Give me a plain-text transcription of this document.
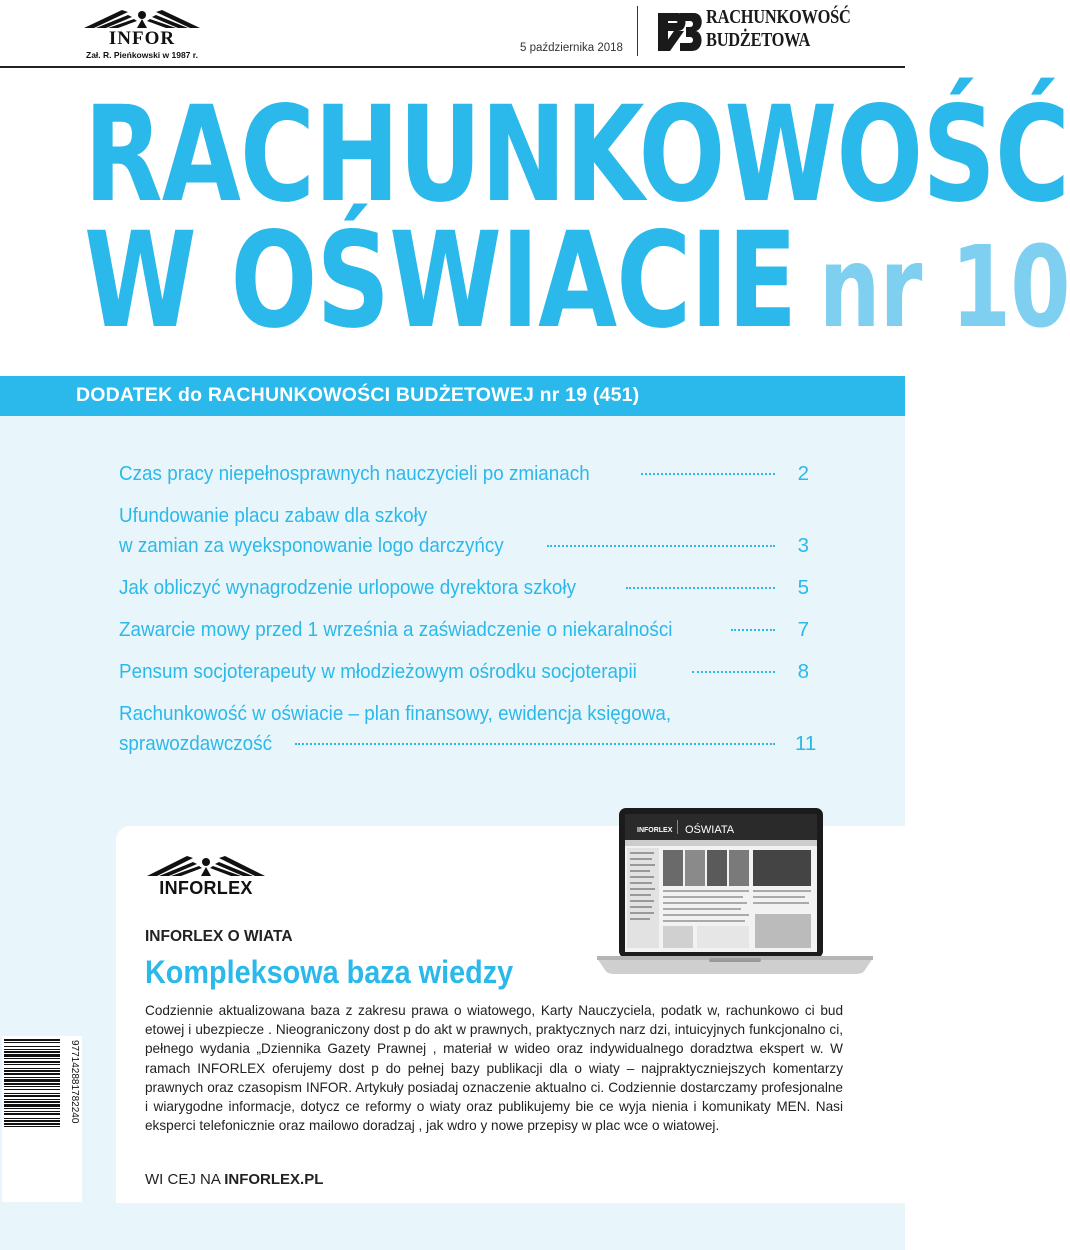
INFOR
Zał. R. Pieńkowski w 1987 r.
5 października 2018
RACHUNKOWOŚĆ
BUDŻETOWA
RACHUNKOWOŚĆ
W OŚWIACIE nr 10
DODATEK do RACHUNKOWOŚCI BUDŻETOWEJ nr 19 (451)
Czas pracy niepełnosprawnych nauczycieli po zmianach	2
Ufundowanie placu zabaw dla szkoły
w zamian za wyeksponowanie logo darczyńcy	3
Jak obliczyć wynagrodzenie urlopowe dyrektora szkoły	5
Zawarcie mowy przed 1 września a zaświadczenie o niekaralności	7
Pensum socjoterapeuty w młodzieżowym ośrodku socjoterapii	8
Rachunkowość w oświacie – plan finansowy, ewidencja księgowa,
sprawozdawczość	11
INFORLEX
INFORLEX O WIATA
Kompleksowa baza wiedzy
Codziennie aktualizowana baza z zakresu prawa o wiatowego, Karty Nauczyciela, podatk w, rachunkowo ci bud etowej i ubezpiecze . Nieograniczony dost p do akt w prawnych, praktycznych narz dzi, intuicyjnych funkcjonalno ci, pełnego wydania „Dziennika Gazety Prawnej , materiał w wideo oraz indywidualnego doradztwa ekspert w. W ramach INFORLEX oferujemy dost p do pełnej bazy publikacji dla o wiaty – najpraktyczniejszych komentarzy prawnych oraz czasopism INFOR. Artykuły posiadaj oznaczenie aktualno ci. Codziennie dostarczamy profesjonalne i wiarygodne informacje, dotycz ce reformy o wiaty oraz publikujemy bie ce wyja nienia i komunikaty MEN. Nasi eksperci telefonicznie oraz mailowo doradzaj , jak wdro y nowe przepisy w plac wce o wiatowej.
WI CEJ NA INFORLEX.PL
INFORLEX OŚWIATA
977142881782240
